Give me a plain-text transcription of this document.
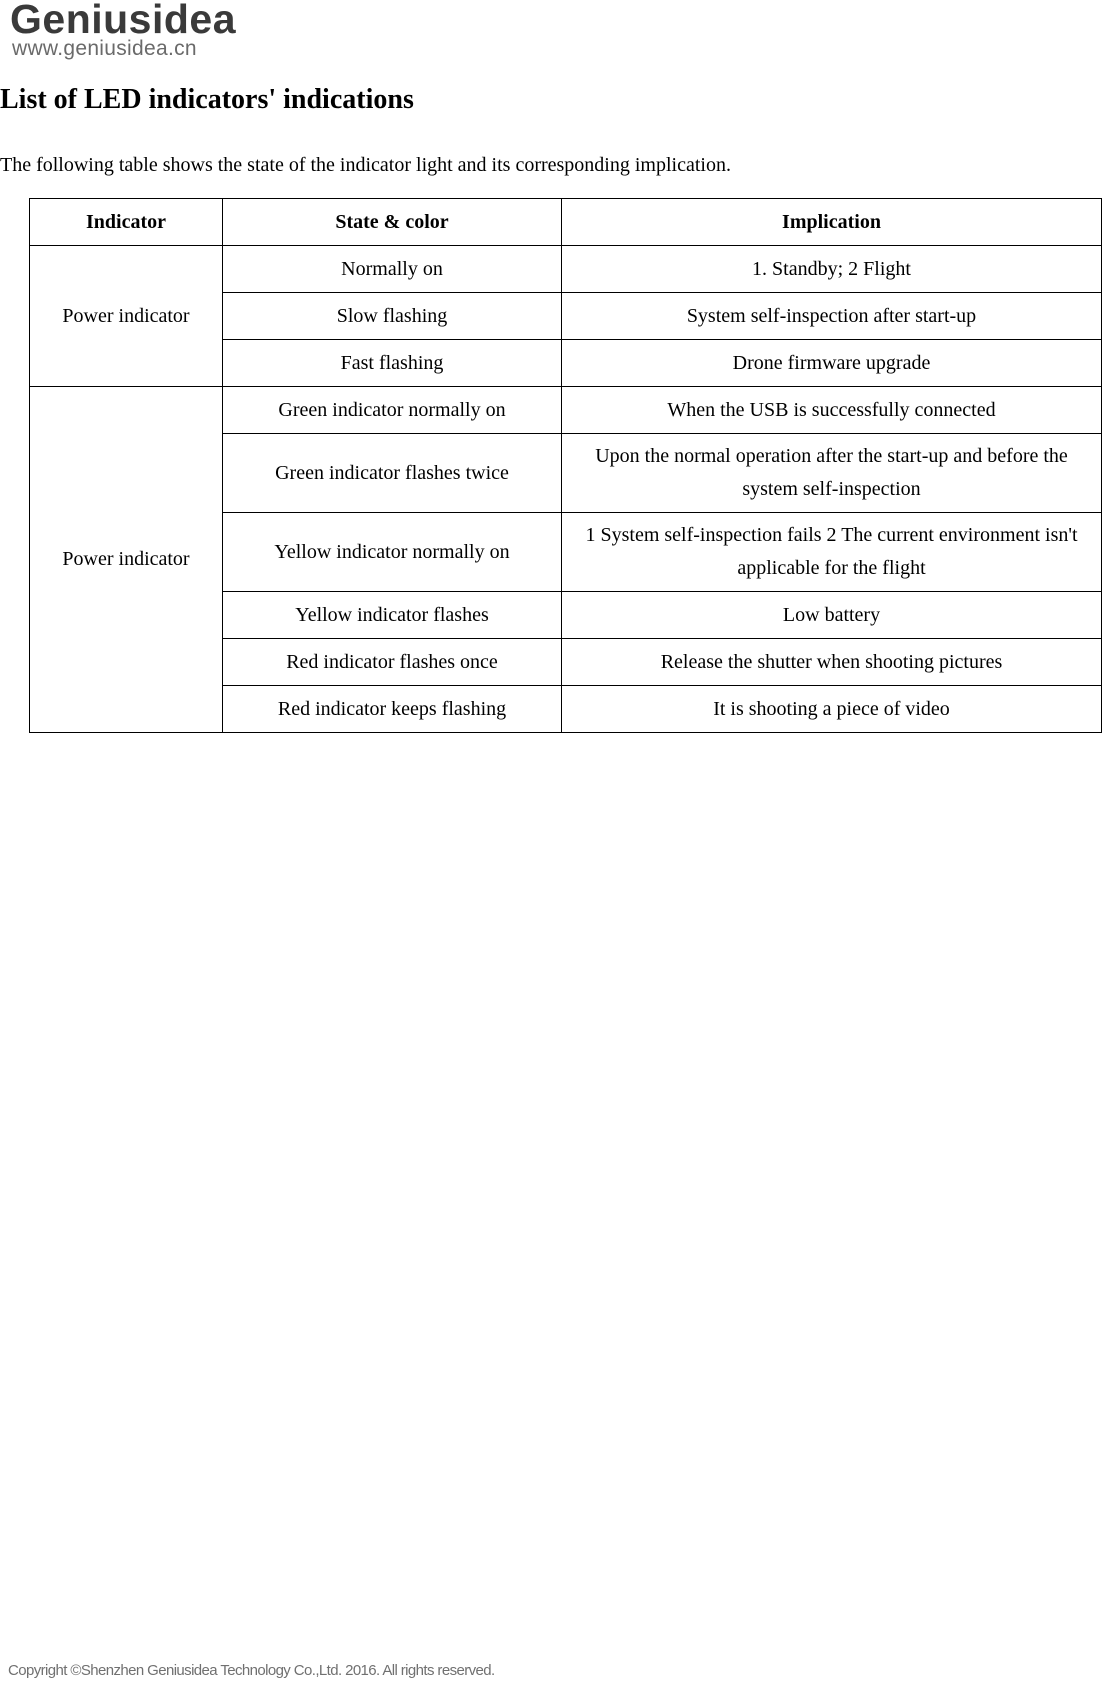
Geniusidea
www.geniusidea.cn
List of LED indicators' indications

The following table shows the state of the indicator light and its corresponding implication.

Indicator	State & color	Implication
Power indicator	Normally on	1. Standby; 2 Flight
	Slow flashing	System self-inspection after start-up
	Fast flashing	Drone firmware upgrade
Power indicator	Green indicator normally on	When the USB is successfully connected
	Green indicator flashes twice	Upon the normal operation after the start-up and before the system self-inspection
	Yellow indicator normally on	1 System self-inspection fails 2 The current environment isn't applicable for the flight
	Yellow indicator flashes	Low battery
	Red indicator flashes once	Release the shutter when shooting pictures
	Red indicator keeps flashing	It is shooting a piece of video
Copyright ©Shenzhen Geniusidea Technology Co.,Ltd. 2016. All rights reserved.
